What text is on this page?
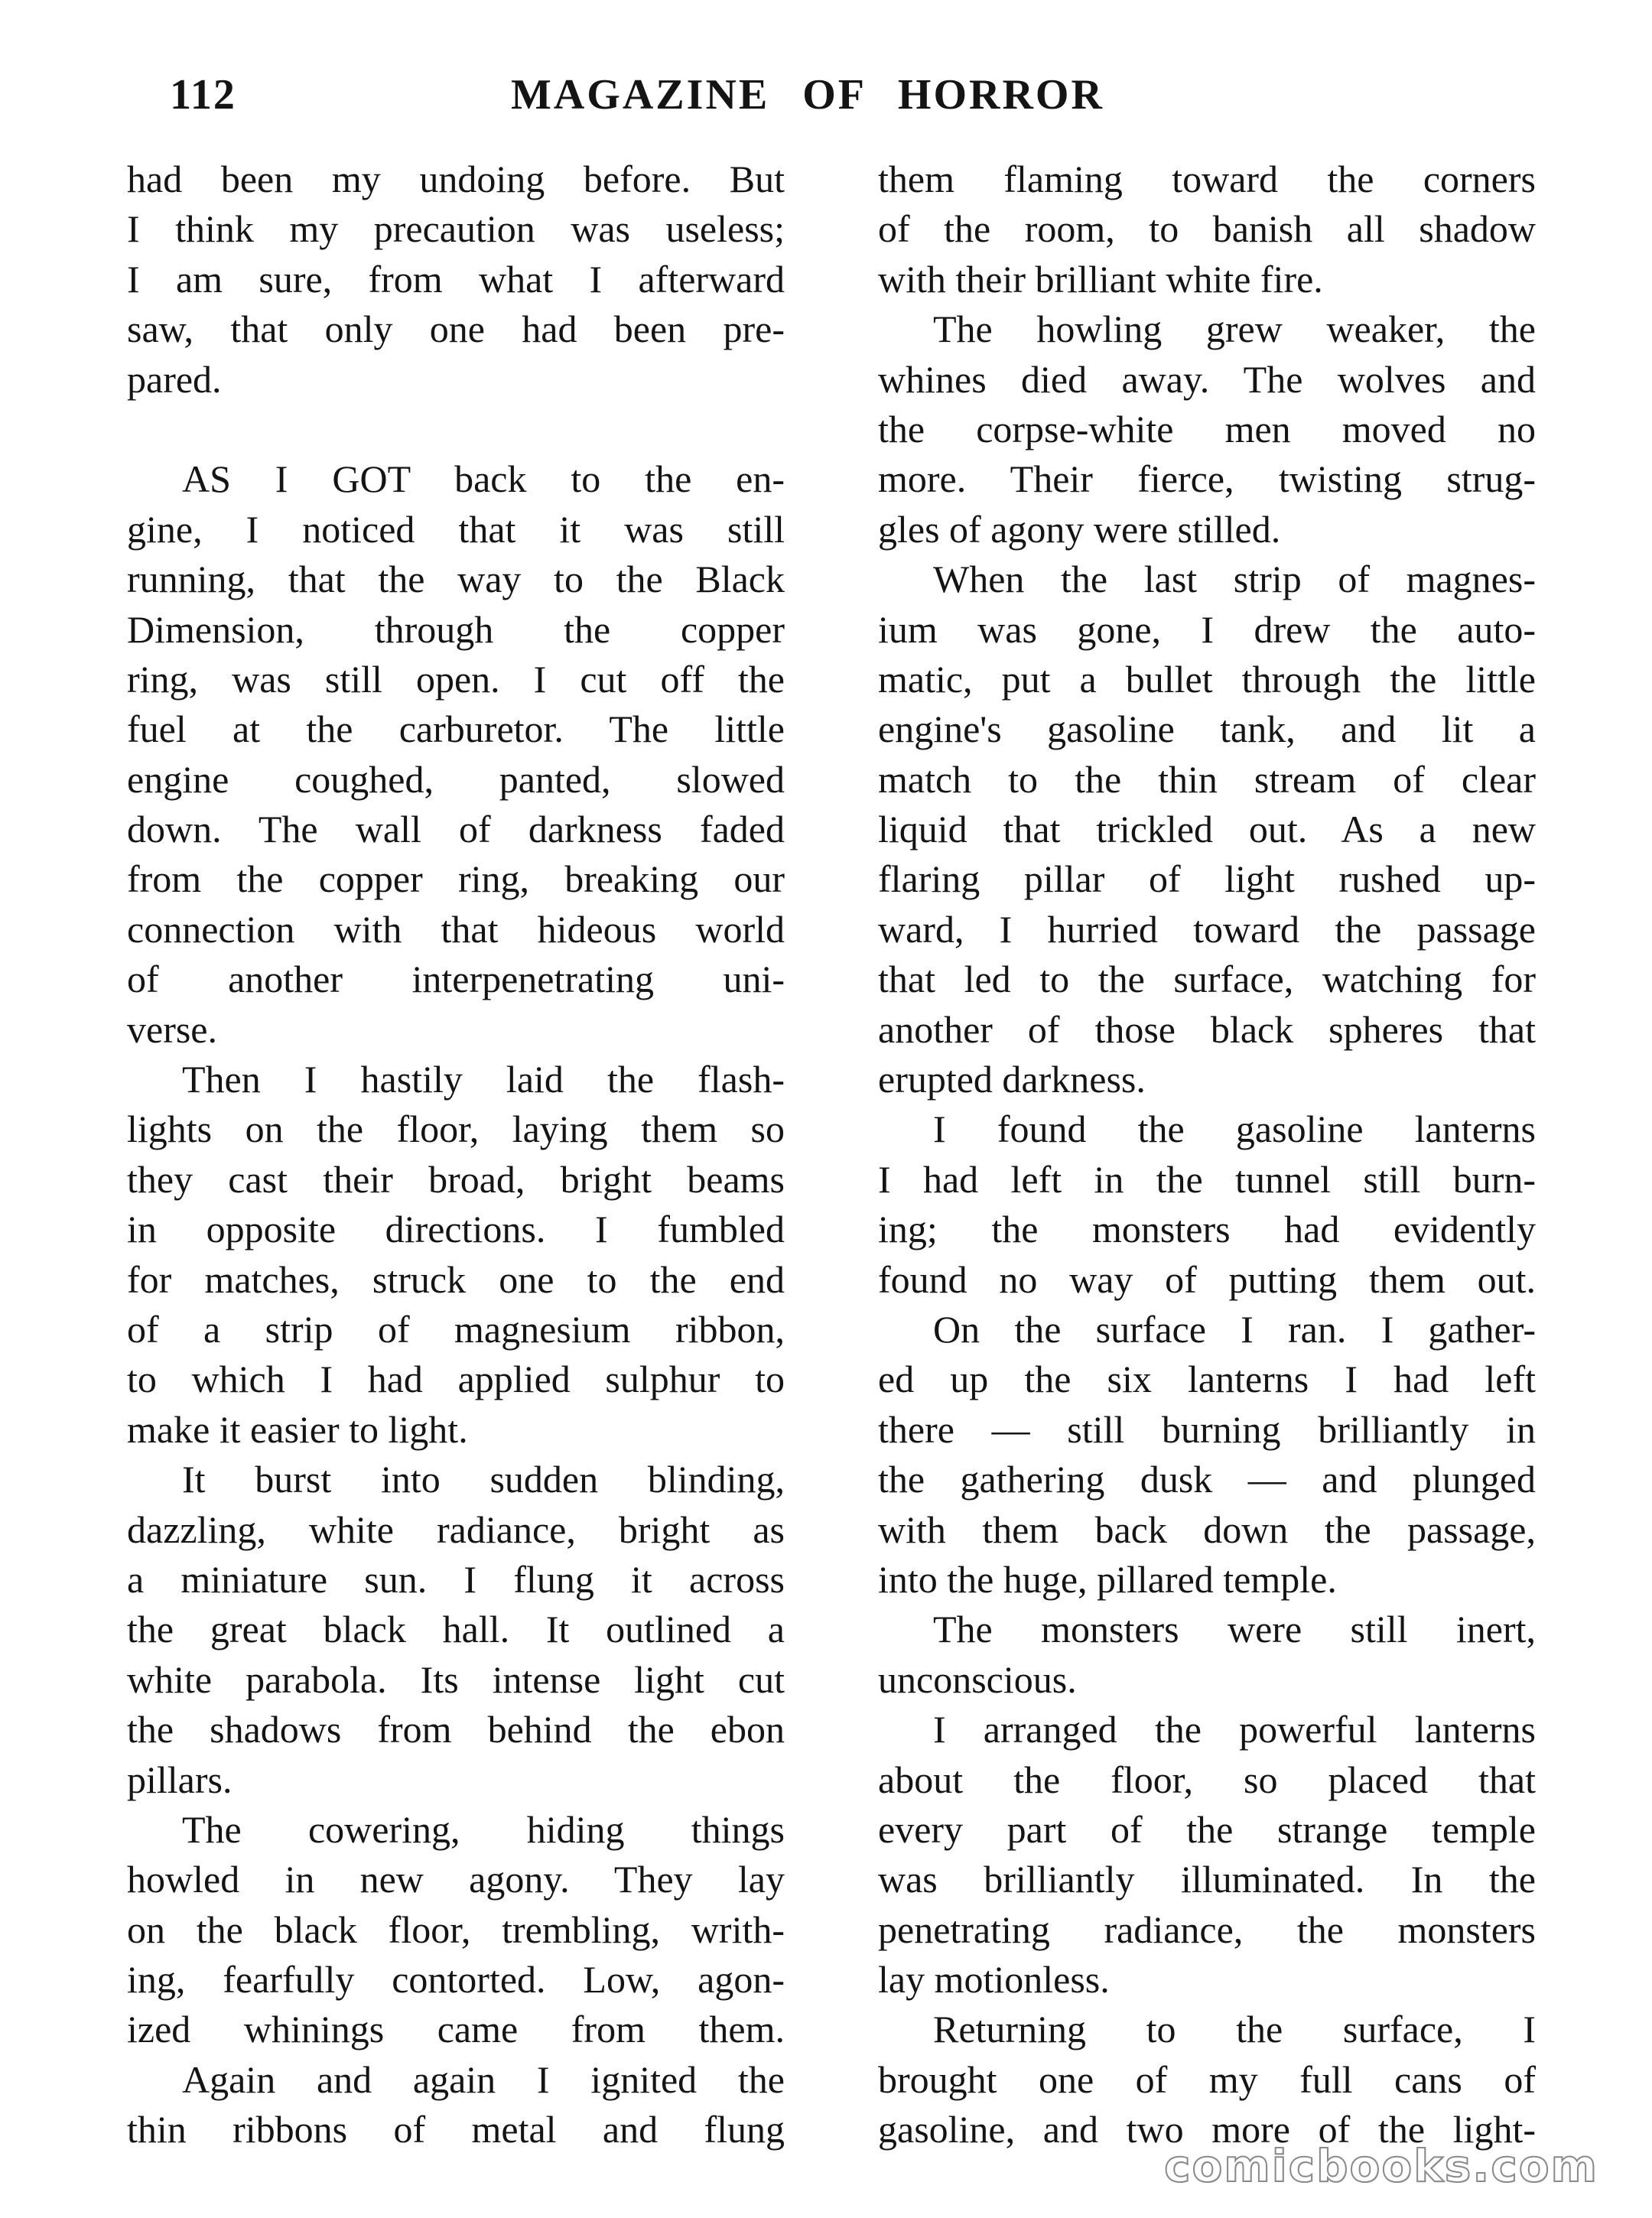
112	MAGAZINE OF HORROR
had been my undoing before. But
I think my precaution was useless;
I am sure, from what I afterward
saw, that only one had been pre-
pared.
AS I GOT back to the en-
gine, I noticed that it was still
running, that the way to the Black
Dimension, through the copper
ring, was still open. I cut off the
fuel at the carburetor. The little
engine coughed, panted, slowed
down. The wall of darkness faded
from the copper ring, breaking our
connection with that hideous world
of another interpenetrating uni-
verse.
Then I hastily laid the flash-
lights on the floor, laying them so
they cast their broad, bright beams
in opposite directions. I fumbled
for matches, struck one to the end
of a strip of magnesium ribbon,
to which I had applied sulphur to
make it easier to light.
It burst into sudden blinding,
dazzling, white radiance, bright as
a miniature sun. I flung it across
the great black hall. It outlined a
white parabola. Its intense light cut
the shadows from behind the ebon
pillars.
The cowering, hiding things
howled in new agony. They lay
on the black floor, trembling, writh-
ing, fearfully contorted. Low, agon-
ized whinings came from them.
Again and again I ignited the
thin ribbons of metal and flung
them flaming toward the corners
of the room, to banish all shadow
with their brilliant white fire.
The howling grew weaker, the
whines died away. The wolves and
the corpse-white men moved no
more. Their fierce, twisting strug-
gles of agony were stilled.
When the last strip of magnes-
ium was gone, I drew the auto-
matic, put a bullet through the little
engine's gasoline tank, and lit a
match to the thin stream of clear
liquid that trickled out. As a new
flaring pillar of light rushed up-
ward, I hurried toward the passage
that led to the surface, watching for
another of those black spheres that
erupted darkness.
I found the gasoline lanterns
I had left in the tunnel still burn-
ing; the monsters had evidently
found no way of putting them out.
On the surface I ran. I gather-
ed up the six lanterns I had left
there — still burning brilliantly in
the gathering dusk — and plunged
with them back down the passage,
into the huge, pillared temple.
The monsters were still inert,
unconscious.
I arranged the powerful lanterns
about the floor, so placed that
every part of the strange temple
was brilliantly illuminated. In the
penetrating radiance, the monsters
lay motionless.
Returning to the surface, I
brought one of my full cans of
gasoline, and two more of the light-
comicbooks.com
